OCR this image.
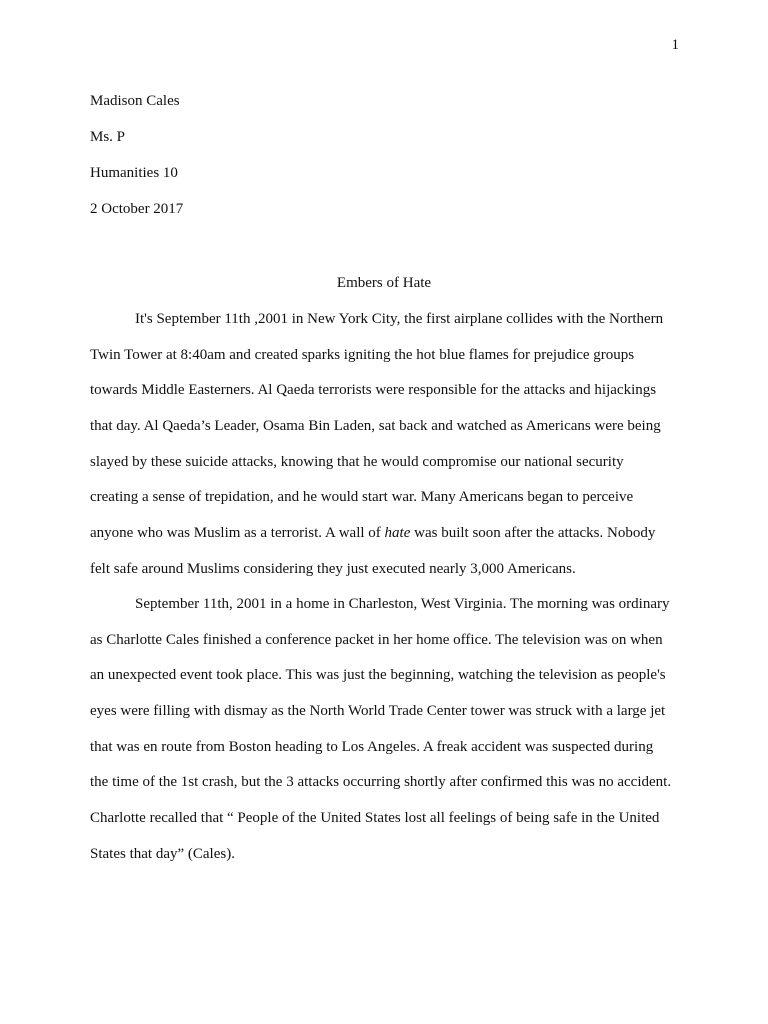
1
Madison Cales
Ms. P
Humanities 10
2 October 2017
Embers of Hate
It's September 11th ,2001 in New York City, the first airplane collides with the Northern
Twin Tower at 8:40am and created sparks igniting the hot blue flames for prejudice groups
towards Middle Easterners. Al Qaeda terrorists were responsible for the attacks and hijackings
that day. Al Qaeda’s Leader, Osama Bin Laden, sat back and watched as Americans were being
slayed by these suicide attacks, knowing that he would compromise our national security
creating a sense of trepidation, and he would start war. Many Americans began to perceive
anyone who was Muslim as a terrorist. A wall of hate was built soon after the attacks. Nobody
felt safe around Muslims considering they just executed nearly 3,000 Americans.
September 11th, 2001 in a home in Charleston, West Virginia. The morning was ordinary
as Charlotte Cales finished a conference packet in her home office. The television was on when
an unexpected event took place. This was just the beginning, watching the television as people's
eyes were filling with dismay as the North World Trade Center tower was struck with a large jet
that was en route from Boston heading to Los Angeles. A freak accident was suspected during
the time of the 1st crash, but the 3 attacks occurring shortly after confirmed this was no accident.
Charlotte recalled that “ People of the United States lost all feelings of being safe in the United
States that day” (Cales).
